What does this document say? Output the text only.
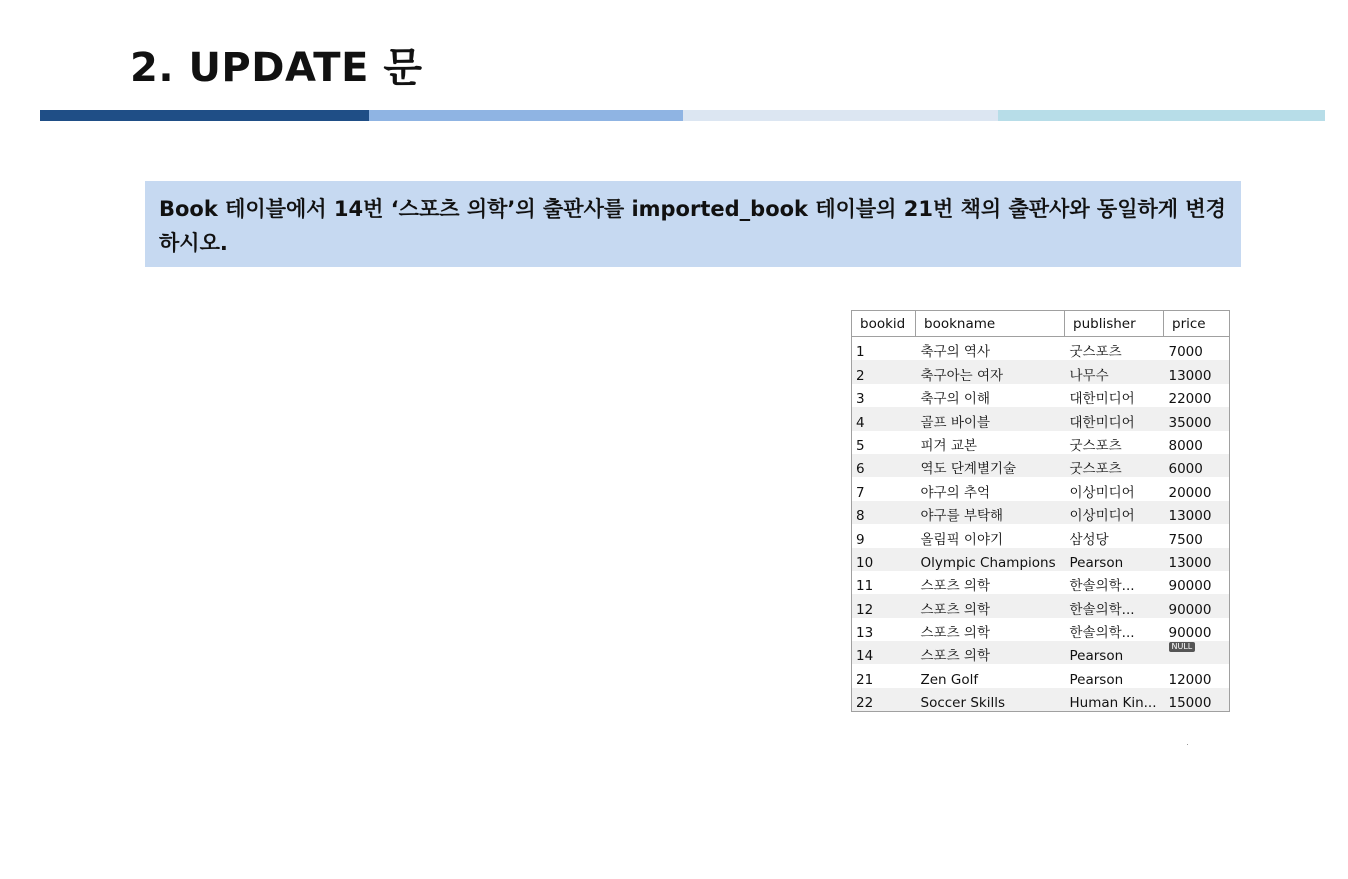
2. UPDATE 문
Book 테이블에서 14번 ‘스포츠 의학’의 출판사를 imported_book 테이블의 21번 책의 출판사와 동일하게 변경하시오.
bookid	bookname	publisher	price
1	축구의 역사	굿스포츠	7000
2	축구아는 여자	나무수	13000
3	축구의 이해	대한미디어	22000
4	골프 바이블	대한미디어	35000
5	피겨 교본	굿스포츠	8000
6	역도 단계별기술	굿스포츠	6000
7	야구의 추억	이상미디어	20000
8	야구를 부탁해	이상미디어	13000
9	올림픽 이야기	삼성당	7500
10	Olympic Champions	Pearson	13000
11	스포츠 의학	한솔의학...	90000
12	스포츠 의학	한솔의학...	90000
13	스포츠 의학	한솔의학...	90000
14	스포츠 의학	Pearson	NULL
21	Zen Golf	Pearson	12000
22	Soccer Skills	Human Kin...	15000
